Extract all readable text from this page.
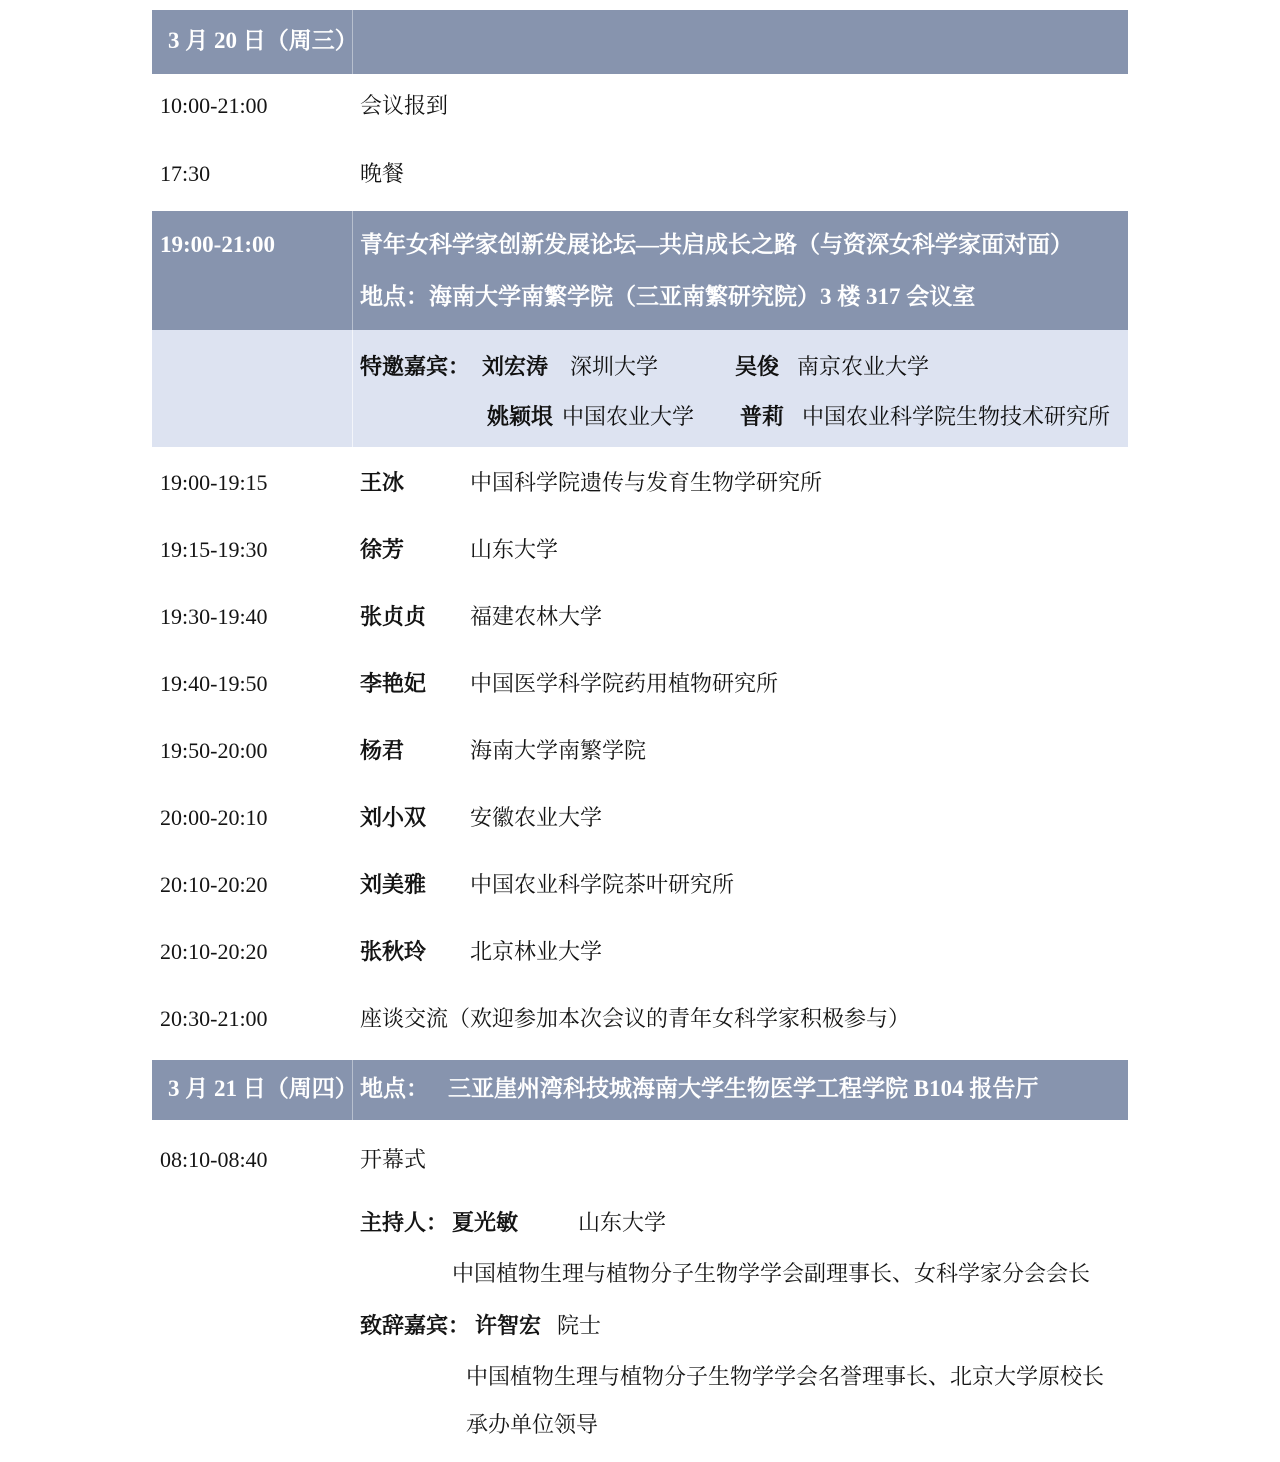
3 月 20 日（周三）
10:00-21:00	会议报到
17:30	晚餐
19:00-21:00	青年女科学家创新发展论坛—共启成长之路（与资深女科学家面对面）
地点：海南大学南繁学院（三亚南繁研究院）3 楼 317 会议室
特邀嘉宾： 刘宏涛 深圳大学	吴俊 南京农业大学
姚颖垠 中国农业大学 普莉 中国农业科学院生物技术研究所
19:00-19:15	王冰	中国科学院遗传与发育生物学研究所
19:15-19:30	徐芳	山东大学
19:30-19:40	张贞贞 福建农林大学
19:40-19:50	李艳妃 中国医学科学院药用植物研究所
19:50-20:00	杨君	海南大学南繁学院
20:00-20:10	刘小双 安徽农业大学
20:10-20:20	刘美雅 中国农业科学院茶叶研究所
20:10-20:20	张秋玲 北京林业大学
20:30-21:00	座谈交流（欢迎参加本次会议的青年女科学家积极参与）
3 月 21 日（周四） 地点： 三亚崖州湾科技城海南大学生物医学工程学院 B104 报告厅
08:10-08:40	开幕式
主持人： 夏光敏	山东大学
中国植物生理与植物分子生物学学会副理事长、女科学家分会会长
致辞嘉宾： 许智宏 院士
中国植物生理与植物分子生物学学会名誉理事长、北京大学原校长
承办单位领导
